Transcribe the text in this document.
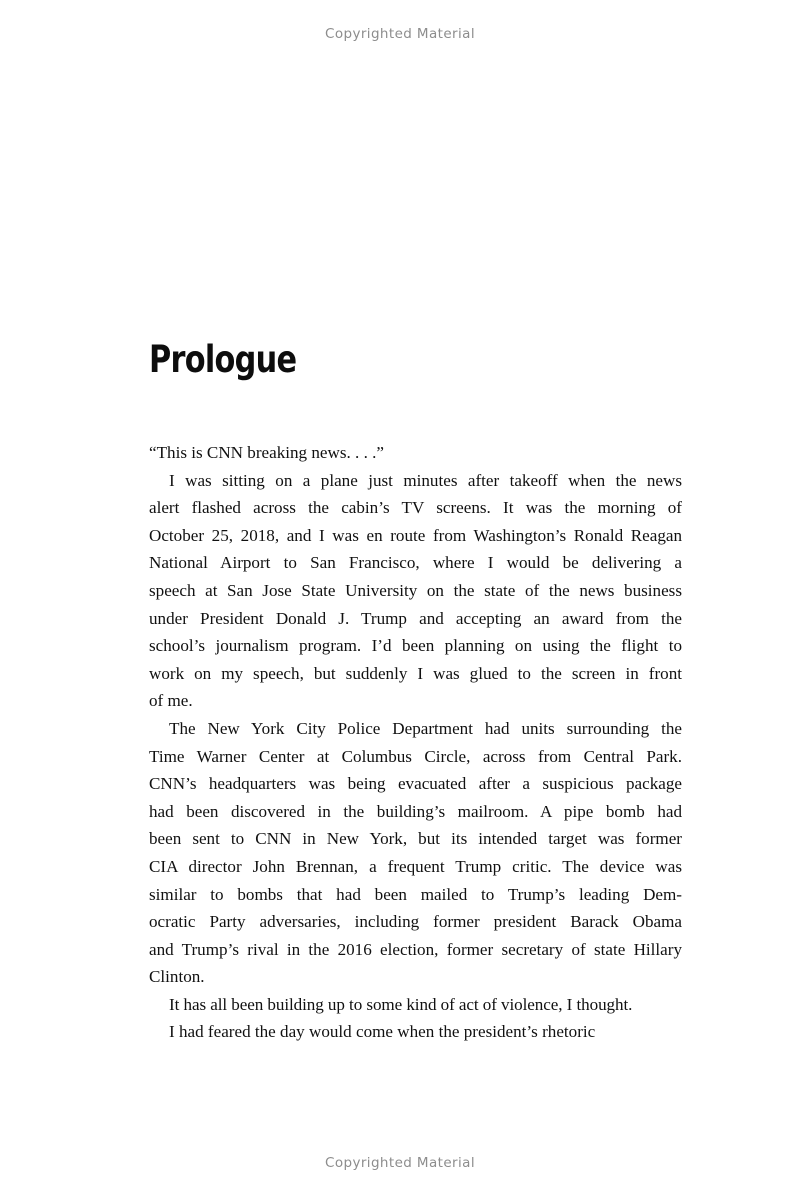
Copyrighted Material
Prologue

“This is CNN breaking news. . . .”

I was sitting on a plane just minutes after takeoff when the news
alert flashed across the cabin’s TV screens. It was the morning of
October 25, 2018, and I was en route from Washington’s Ronald Reagan
National Airport to San Francisco, where I would be delivering a
speech at San Jose State University on the state of the news business
under President Donald J. Trump and accepting an award from the
school’s journalism program. I’d been planning on using the flight to
work on my speech, but suddenly I was glued to the screen in front
of me.

The New York City Police Department had units surrounding the
Time Warner Center at Columbus Circle, across from Central Park.
CNN’s headquarters was being evacuated after a suspicious package
had been discovered in the building’s mailroom. A pipe bomb had
been sent to CNN in New York, but its intended target was former
CIA director John Brennan, a frequent Trump critic. The device was
similar to bombs that had been mailed to Trump’s leading Dem-
ocratic Party adversaries, including former president Barack Obama
and Trump’s rival in the 2016 election, former secretary of state Hillary
Clinton.

It has all been building up to some kind of act of violence, I thought.

I had feared the day would come when the president’s rhetoric

Copyrighted Material
